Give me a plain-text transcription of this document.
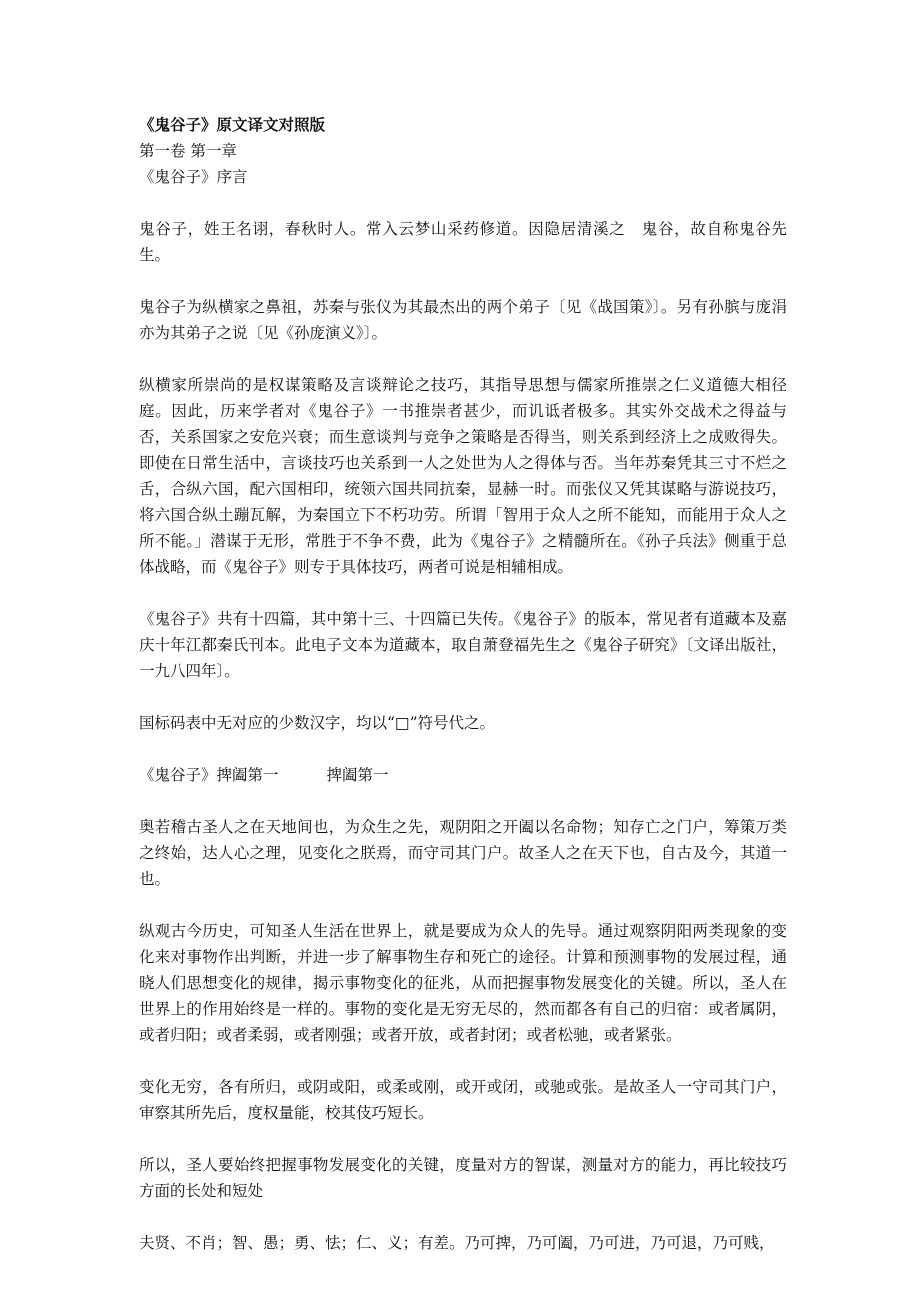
《鬼谷子》原文译文对照版

第一卷 第一章

《鬼谷子》序言

鬼谷子，姓王名诩，春秋时人。常入云梦山采药修道。因隐居清溪之　鬼谷，故自称鬼谷先生。

鬼谷子为纵横家之鼻祖，苏秦与张仪为其最杰出的两个弟子〔见《战国策》〕。另有孙膑与庞涓亦为其弟子之说〔见《孙庞演义》〕。

纵横家所崇尚的是权谋策略及言谈辩论之技巧，其指导思想与儒家所推崇之仁义道德大相径庭。因此，历来学者对《鬼谷子》一书推崇者甚少，而讥诋者极多。其实外交战术之得益与否，关系国家之安危兴衰；而生意谈判与竞争之策略是否得当，则关系到经济上之成败得失。即使在日常生活中，言谈技巧也关系到一人之处世为人之得体与否。当年苏秦凭其三寸不烂之舌，合纵六国，配六国相印，统领六国共同抗秦，显赫一时。而张仪又凭其谋略与游说技巧，将六国合纵土蹦瓦解，为秦国立下不朽功劳。所谓「智用于众人之所不能知，而能用于众人之所不能。」潜谋于无形，常胜于不争不费，此为《鬼谷子》之精髓所在。《孙子兵法》侧重于总体战略，而《鬼谷子》则专于具体技巧，两者可说是相辅相成。

《鬼谷子》共有十四篇，其中第十三、十四篇已失传。《鬼谷子》的版本，常见者有道藏本及嘉庆十年江都秦氏刊本。此电子文本为道藏本，取自萧登福先生之《鬼谷子研究》〔文译出版社，一九八四年〕。

国标码表中无对应的少数汉字，均以“□”符号代之。

《鬼谷子》捭阖第一	捭阖第一

奥若稽古圣人之在天地间也，为众生之先，观阴阳之开阖以名命物；知存亡之门户，筹策万类之终始，达人心之理，见变化之朕焉，而守司其门户。故圣人之在天下也，自古及今，其道一也。

纵观古今历史，可知圣人生活在世界上，就是要成为众人的先导。通过观察阴阳两类现象的变化来对事物作出判断，并进一步了解事物生存和死亡的途径。计算和预测事物的发展过程，通晓人们思想变化的规律，揭示事物变化的征兆，从而把握事物发展变化的关键。所以，圣人在世界上的作用始终是一样的。事物的变化是无穷无尽的，然而都各有自己的归宿：或者属阴，或者归阳；或者柔弱，或者刚强；或者开放，或者封闭；或者松驰，或者紧张。

变化无穷，各有所归，或阴或阳，或柔或刚，或开或闭，或驰或张。是故圣人一守司其门户，审察其所先后，度权量能，校其伎巧短长。

所以，圣人要始终把握事物发展变化的关键，度量对方的智谋，测量对方的能力，再比较技巧方面的长处和短处

夫贤、不肖；智、愚；勇、怯；仁、义；有差。乃可捭，乃可阖，乃可进，乃可退，乃可贱，
